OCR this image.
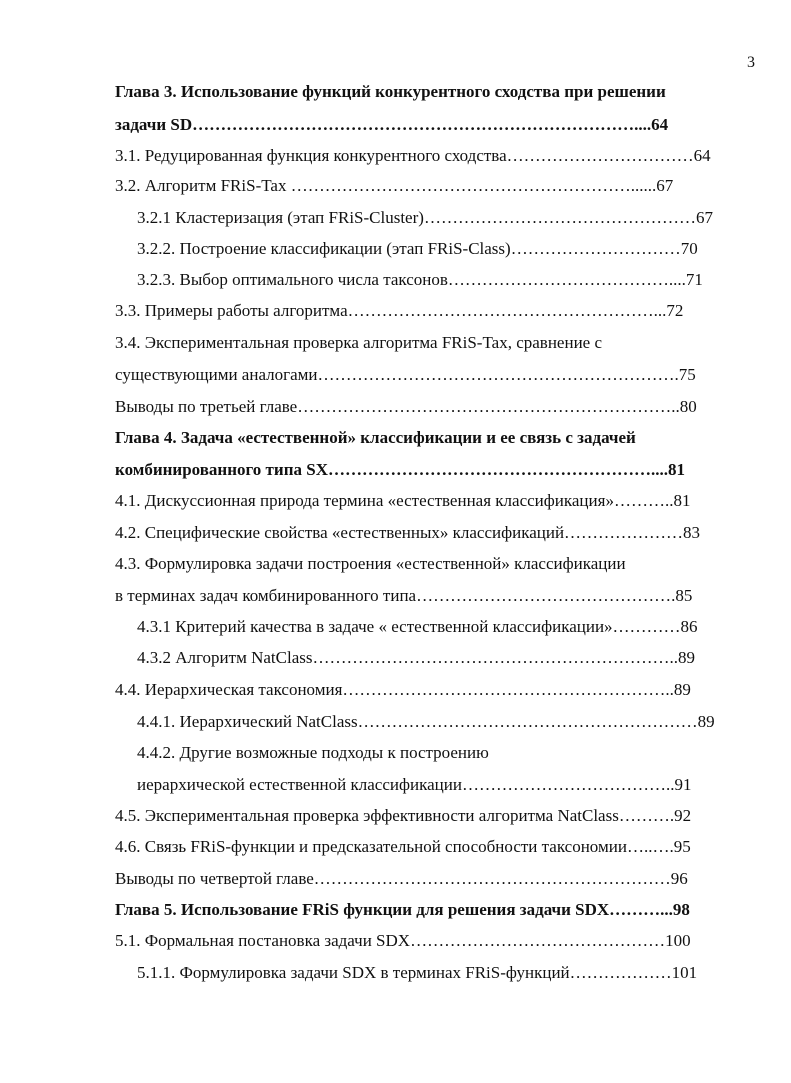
3
Глава 3. Использование функций конкурентного сходства при решении
задачи SD……………………………………………………………………....64
3.1. Редуцированная функция конкурентного сходства……………………………64
3.2. Алгоритм FRiS-Tax ……………………………………………………......67
3.2.1 Кластеризация (этап FRiS-Cluster)…………………………………………67
3.2.2. Построение классификации (этап FRiS-Class)…………………………70
3.2.3. Выбор оптимального числа таксонов…………………………………....71
3.3. Примеры работы алгоритма………………………………………………...72
3.4. Экспериментальная проверка алгоритма FRiS-Tax, сравнение с
существующими аналогами……………………………………………………….75
Выводы по третьей главе…………………………………………………………..80
Глава 4. Задача «естественной» классификации и ее связь с задачей
комбинированного типа SX…………………………………………………....81
4.1. Дискуссионная природа термина «естественная классификация»………..81
4.2. Специфические свойства «естественных» классификаций…………………83
4.3. Формулировка задачи построения «естественной» классификации
в терминах задач комбинированного типа……………………………………….85
4.3.1 Критерий качества в задаче « естественной классификации»…………86
4.3.2 Алгоритм NatClass………………………………………………………..89
4.4. Иерархическая таксономия…………………………………………………..89
4.4.1. Иерархический NatClass……………………………………………………89
4.4.2. Другие возможные подходы к построению
иерархической естественной классификации………………………………..91
4.5. Экспериментальная проверка эффективности алгоритма NatClass……….92
4.6. Связь FRiS-функции и предсказательной способности таксономии…..….95
Выводы по четвертой главе………………………………………………………96
Глава 5. Использование FRiS функции для решения задачи SDX………...98
5.1. Формальная постановка задачи SDX………………………………………100
5.1.1. Формулировка задачи SDX в терминах FRiS-функций………………101
